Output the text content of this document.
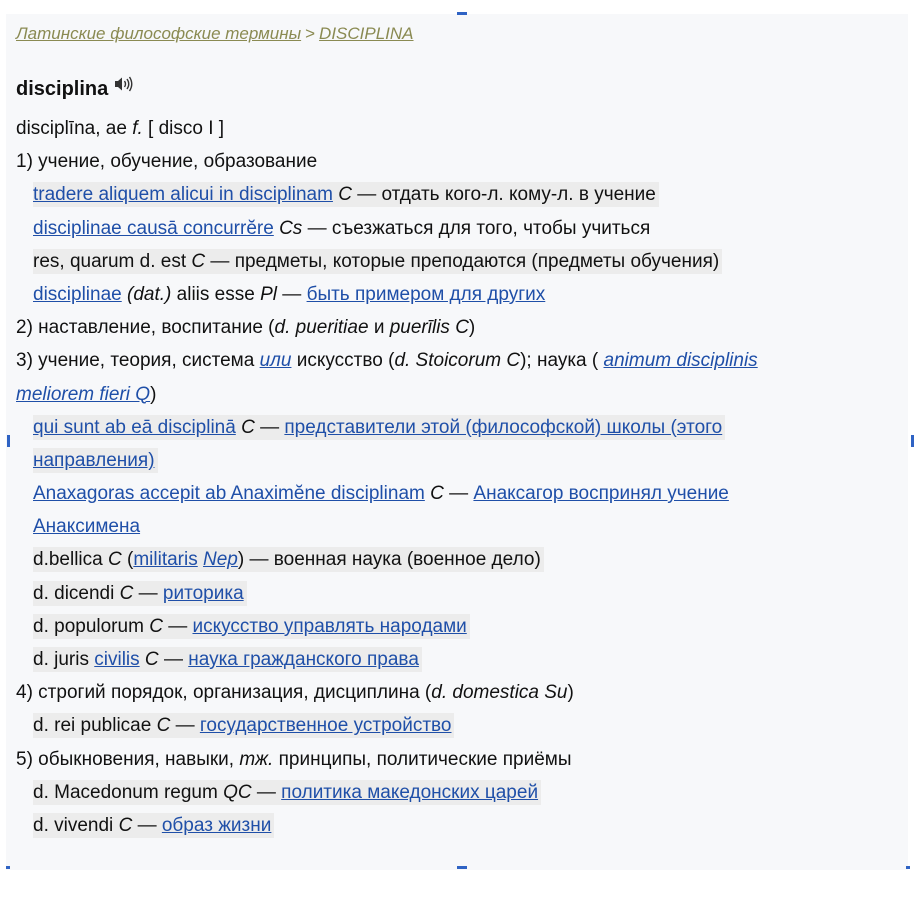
Латинские философские термины > DISCIPLINA
disciplina
disciplīna, ae f. [ disco I ]
1) учение, обучение, образование
tradere aliquem alicui in disciplinam C — отдать кого-л. кому-л. в учение
disciplinae causā concurrĕre Cs — съезжаться для того, чтобы учиться
res, quarum d. est C — предметы, которые преподаются (предметы обучения)
disciplinae (dat.) aliis esse Pl — быть примером для других
2) наставление, воспитание (d. pueritiae и puerīlis C)
3) учение, теория, система или искусство (d. Stoicorum C); наука ( animum disciplinis
meliorem fieri Q)
qui sunt ab eā disciplinā C — представители этой (философской) школы (этого
направления)
Anaxagoras accepit ab Anaximĕne disciplinam C — Анаксагор воспринял учение
Анаксимена
d.bellica C (militaris Nep) — военная наука (военное дело)
d. dicendi C — риторика
d. populorum C — искусство управлять народами
d. juris civilis C — наука гражданского права
4) строгий порядок, организация, дисциплина (d. domestica Su)
d. rei publicae C — государственное устройство
5) обыкновения, навыки, тж. принципы, политические приёмы
d. Macedonum regum QC — политика македонских царей
d. vivendi C — образ жизни
